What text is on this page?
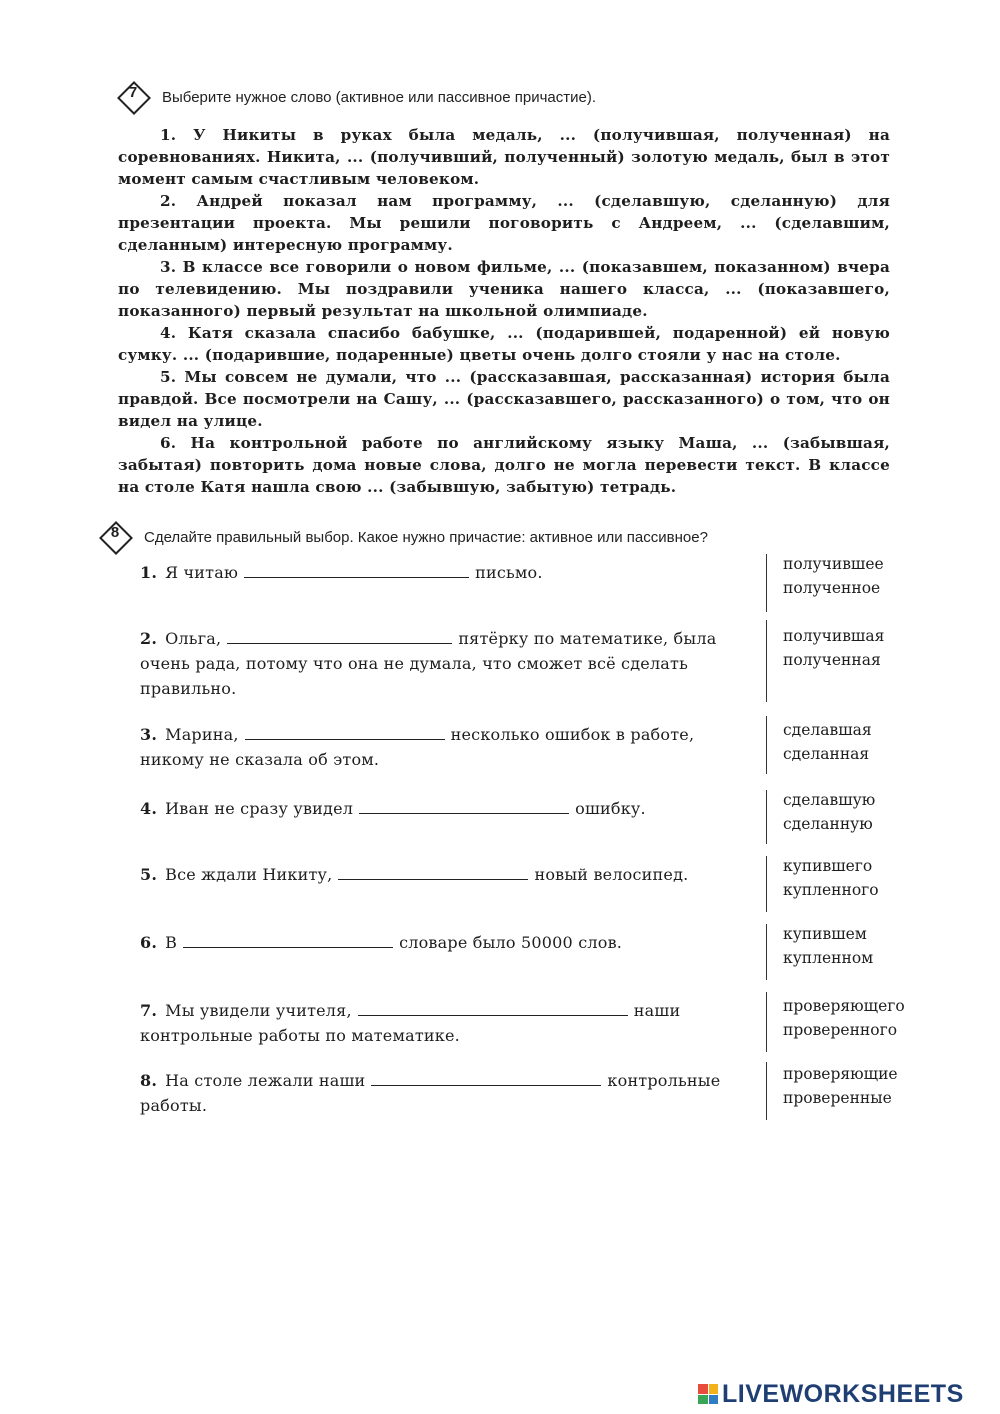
7	Выберите нужное слово (активное или пассивное причастие).

1. У Никиты в руках была медаль, ... (получившая, полученная) на соревнованиях. Никита, ... (получивший, полученный) золотую медаль, был в этот момент самым счастливым человеком.

2. Андрей показал нам программу, ... (сделавшую, сделанную) для презентации проекта. Мы решили поговорить с Андреем, ... (сделавшим, сделанным) интересную программу.

3. В классе все говорили о новом фильме, ... (показавшем, показанном) вчера по телевидению. Мы поздравили ученика нашего класса, ... (показавшего, показанного) первый результат на школьной олимпиаде.

4. Катя сказала спасибо бабушке, ... (подарившей, подаренной) ей новую сумку. ... (подарившие, подаренные) цветы очень долго стояли у нас на столе.

5. Мы совсем не думали, что ... (рассказавшая, рассказанная) история была правдой. Все посмотрели на Сашу, ... (рассказавшего, рассказанного) о том, что он видел на улице.

6. На контрольной работе по английскому языку Маша, ... (забывшая, забытая) повторить дома новые слова, долго не могла перевести текст. В классе на столе Катя нашла свою ... (забывшую, забытую) тетрадь.

8	Сделайте правильный выбор. Какое нужно причастие: активное или пассивное?
1. Я читаю	письмо.	получившее
полученное
2. Ольга,	пятёрку по математике, была очень рада, потому что она не думала, что сможет всё сделать правильно.
получившая
полученная
3. Марина,	несколько ошибок в работе, никому не сказала об этом.
сделавшая
сделанная
4. Иван не сразу увидел	ошибку.	сделавшую
сделанную
5. Все ждали Никиту,	новый велосипед.	купившего
купленного
6. В	словаре было 50000 слов.	купившем
купленном
7. Мы увидели учителя,	наши контрольные работы по математике.
проверяющего
проверенного
8. На столе лежали наши	контрольные работы.
проверяющие
проверенные
LIVEWORKSHEETS
